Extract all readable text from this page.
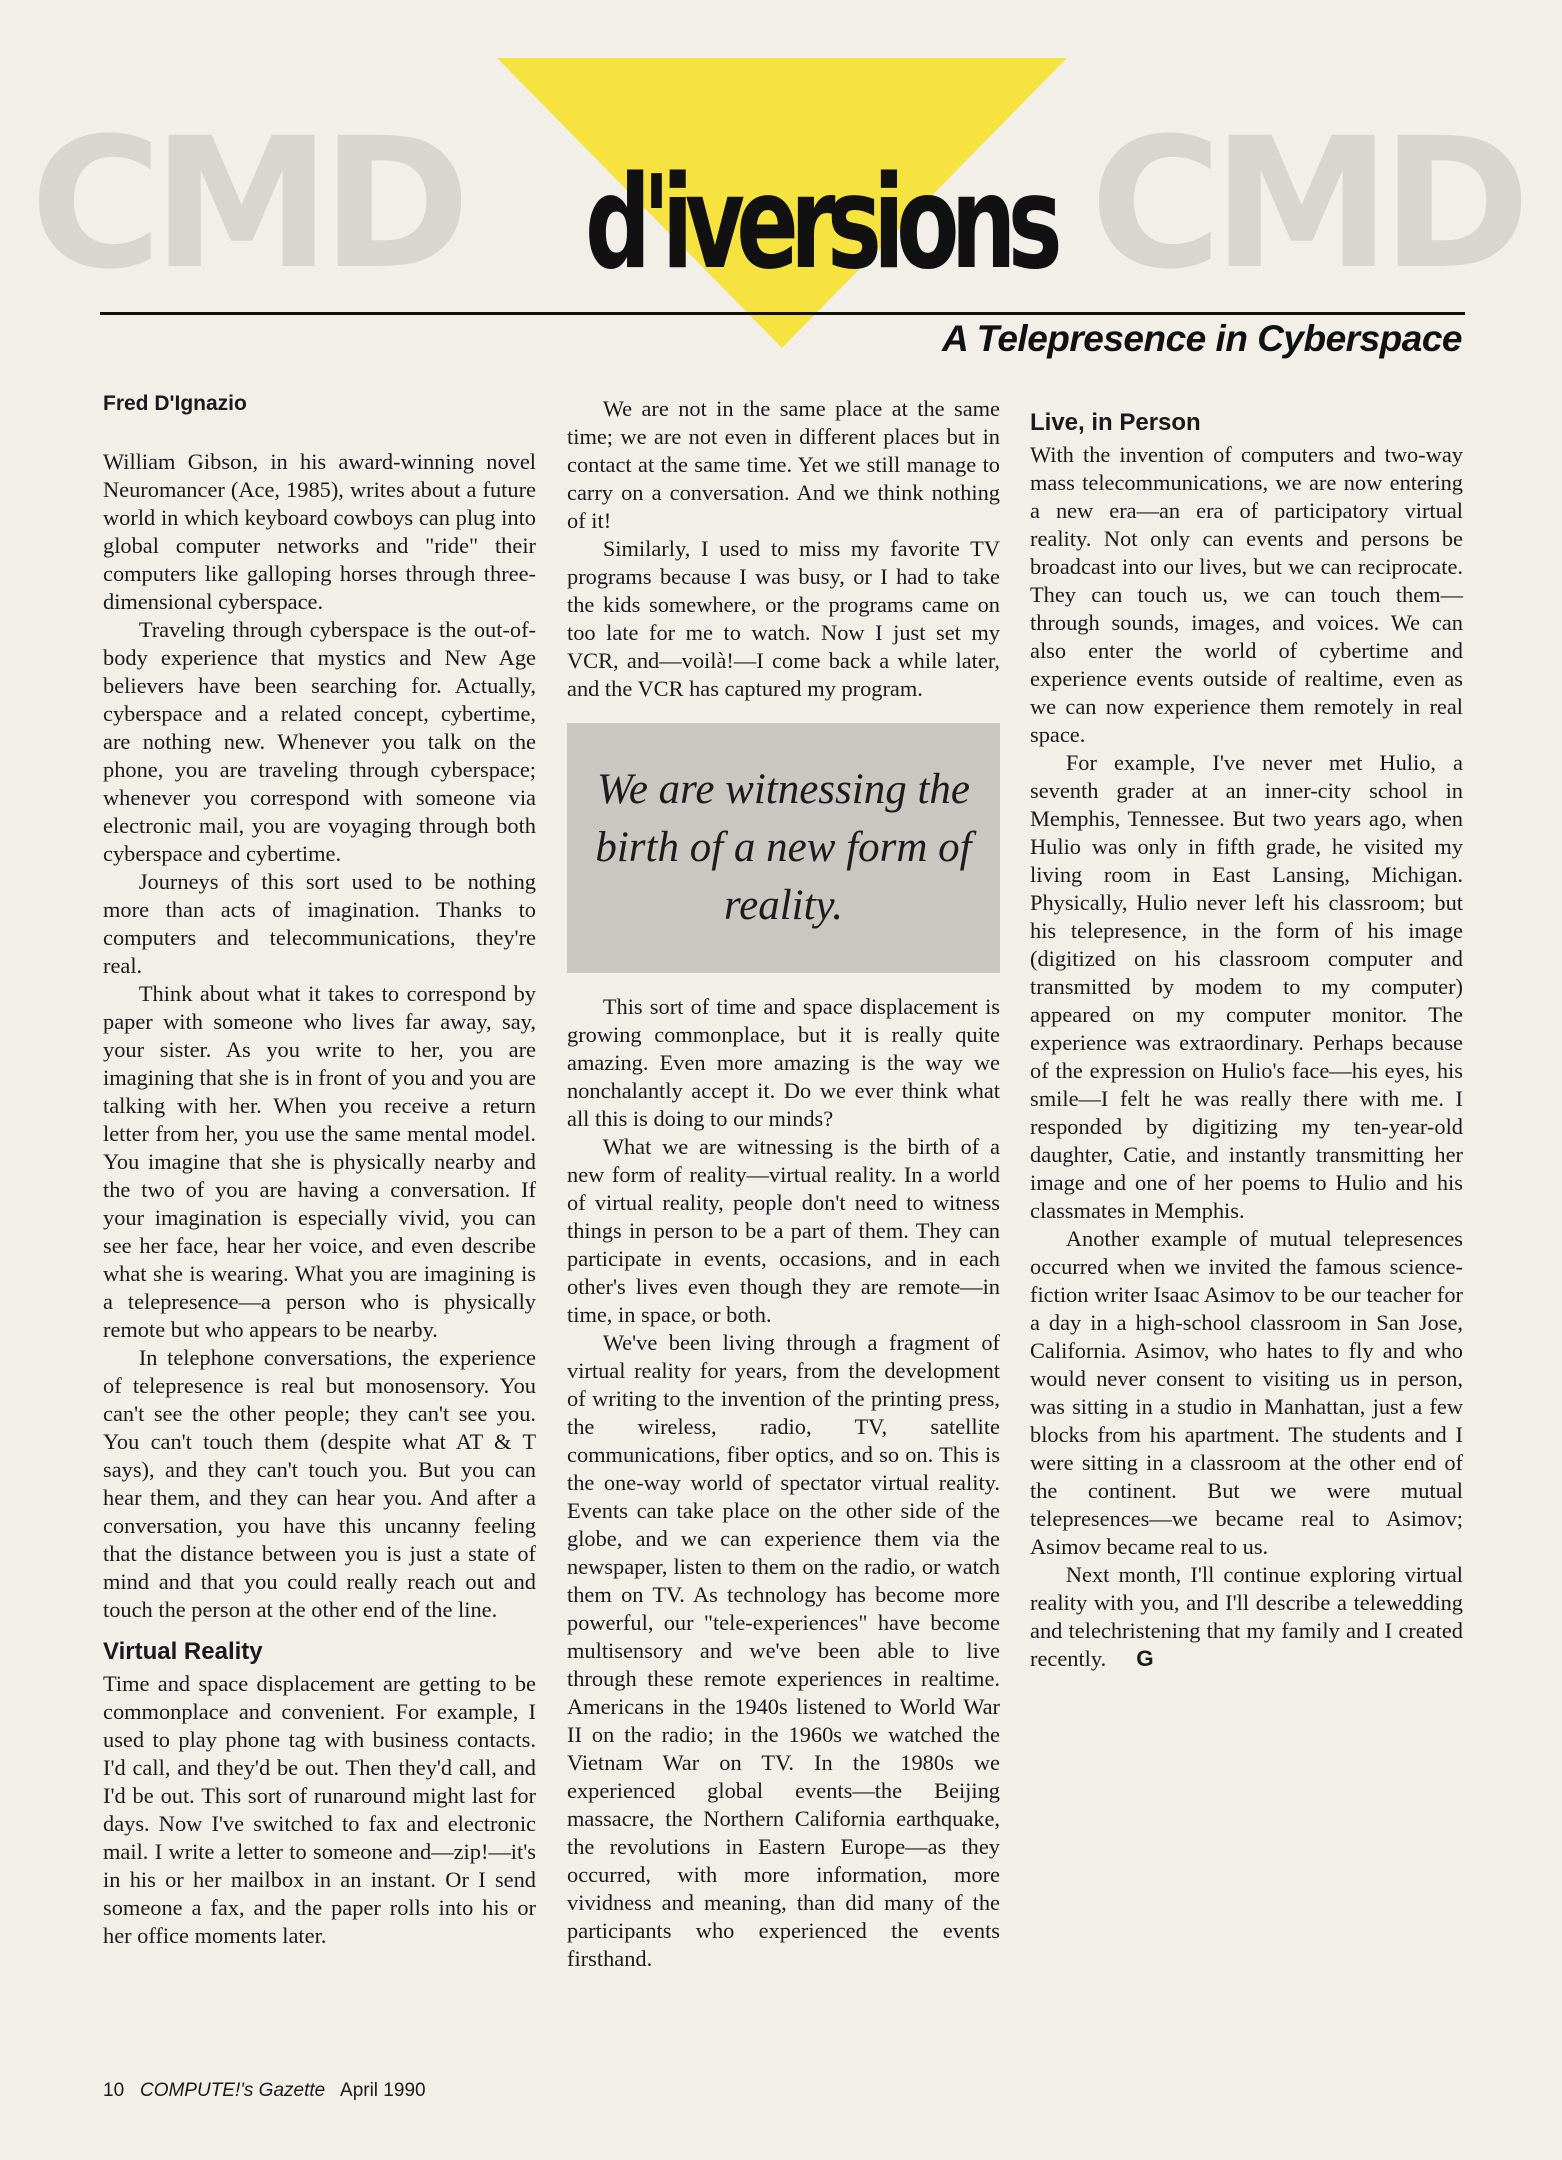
CMD	CMD
d'iversions
A Telepresence in Cyberspace
Fred D'Ignazio

William Gibson, in his award-winning novel Neuromancer (Ace, 1985), writes about a future world in which keyboard cowboys can plug into global computer networks and "ride" their computers like galloping horses through three-dimensional cyberspace.

Traveling through cyberspace is the out-of-body experience that mystics and New Age believers have been searching for. Actually, cyberspace and a related concept, cybertime, are nothing new. Whenever you talk on the phone, you are traveling through cyberspace; whenever you correspond with someone via electronic mail, you are voyaging through both cyberspace and cybertime.

Journeys of this sort used to be nothing more than acts of imagination. Thanks to computers and telecommunications, they're real.

Think about what it takes to correspond by paper with someone who lives far away, say, your sister. As you write to her, you are imagining that she is in front of you and you are talking with her. When you receive a return letter from her, you use the same mental model. You imagine that she is physically nearby and the two of you are having a conversation. If your imagination is especially vivid, you can see her face, hear her voice, and even describe what she is wearing. What you are imagining is a telepresence—a person who is physically remote but who appears to be nearby.

In telephone conversations, the experience of telepresence is real but monosensory. You can't see the other people; they can't see you. You can't touch them (despite what AT & T says), and they can't touch you. But you can hear them, and they can hear you. And after a conversation, you have this uncanny feeling that the distance between you is just a state of mind and that you could really reach out and touch the person at the other end of the line.

Virtual Reality

Time and space displacement are getting to be commonplace and convenient. For example, I used to play phone tag with business contacts. I'd call, and they'd be out. Then they'd call, and I'd be out. This sort of runaround might last for days. Now I've switched to fax and electronic mail. I write a letter to someone and—zip!—it's in his or her mailbox in an instant. Or I send someone a fax, and the paper rolls into his or her office moments later.

We are not in the same place at the same time; we are not even in different places but in contact at the same time. Yet we still manage to carry on a conversation. And we think nothing of it!

Similarly, I used to miss my favorite TV programs because I was busy, or I had to take the kids somewhere, or the programs came on too late for me to watch. Now I just set my VCR, and—voilà!—I come back a while later, and the VCR has captured my program.

We are witnessing the birth of a new form of reality.

This sort of time and space displacement is growing commonplace, but it is really quite amazing. Even more amazing is the way we nonchalantly accept it. Do we ever think what all this is doing to our minds?

What we are witnessing is the birth of a new form of reality—virtual reality. In a world of virtual reality, people don't need to witness things in person to be a part of them. They can participate in events, occasions, and in each other's lives even though they are remote—in time, in space, or both.

We've been living through a fragment of virtual reality for years, from the development of writing to the invention of the printing press, the wireless, radio, TV, satellite communications, fiber optics, and so on. This is the one-way world of spectator virtual reality. Events can take place on the other side of the globe, and we can experience them via the newspaper, listen to them on the radio, or watch them on TV. As technology has become more powerful, our "tele-experiences" have become multisensory and we've been able to live through these remote experiences in realtime. Americans in the 1940s listened to World War II on the radio; in the 1960s we watched the Vietnam War on TV. In the 1980s we experienced global events—the Beijing massacre, the Northern California earthquake, the revolutions in Eastern Europe—as they occurred, with more information, more vividness and meaning, than did many of the participants who experienced the events firsthand.

Live, in Person

With the invention of computers and two-way mass telecommunications, we are now entering a new era—an era of participatory virtual reality. Not only can events and persons be broadcast into our lives, but we can reciprocate. They can touch us, we can touch them—through sounds, images, and voices. We can also enter the world of cybertime and experience events outside of realtime, even as we can now experience them remotely in real space.

For example, I've never met Hulio, a seventh grader at an inner-city school in Memphis, Tennessee. But two years ago, when Hulio was only in fifth grade, he visited my living room in East Lansing, Michigan. Physically, Hulio never left his classroom; but his telepresence, in the form of his image (digitized on his classroom computer and transmitted by modem to my computer) appeared on my computer monitor. The experience was extraordinary. Perhaps because of the expression on Hulio's face—his eyes, his smile—I felt he was really there with me. I responded by digitizing my ten-year-old daughter, Catie, and instantly transmitting her image and one of her poems to Hulio and his classmates in Memphis.

Another example of mutual telepresences occurred when we invited the famous science-fiction writer Isaac Asimov to be our teacher for a day in a high-school classroom in San Jose, California. Asimov, who hates to fly and who would never consent to visiting us in person, was sitting in a studio in Manhattan, just a few blocks from his apartment. The students and I were sitting in a classroom at the other end of the continent. But we were mutual telepresences—we became real to Asimov; Asimov became real to us.

Next month, I'll continue exploring virtual reality with you, and I'll describe a telewedding and telechristening that my family and I created recently. G

10 COMPUTE!'s Gazette April 1990
